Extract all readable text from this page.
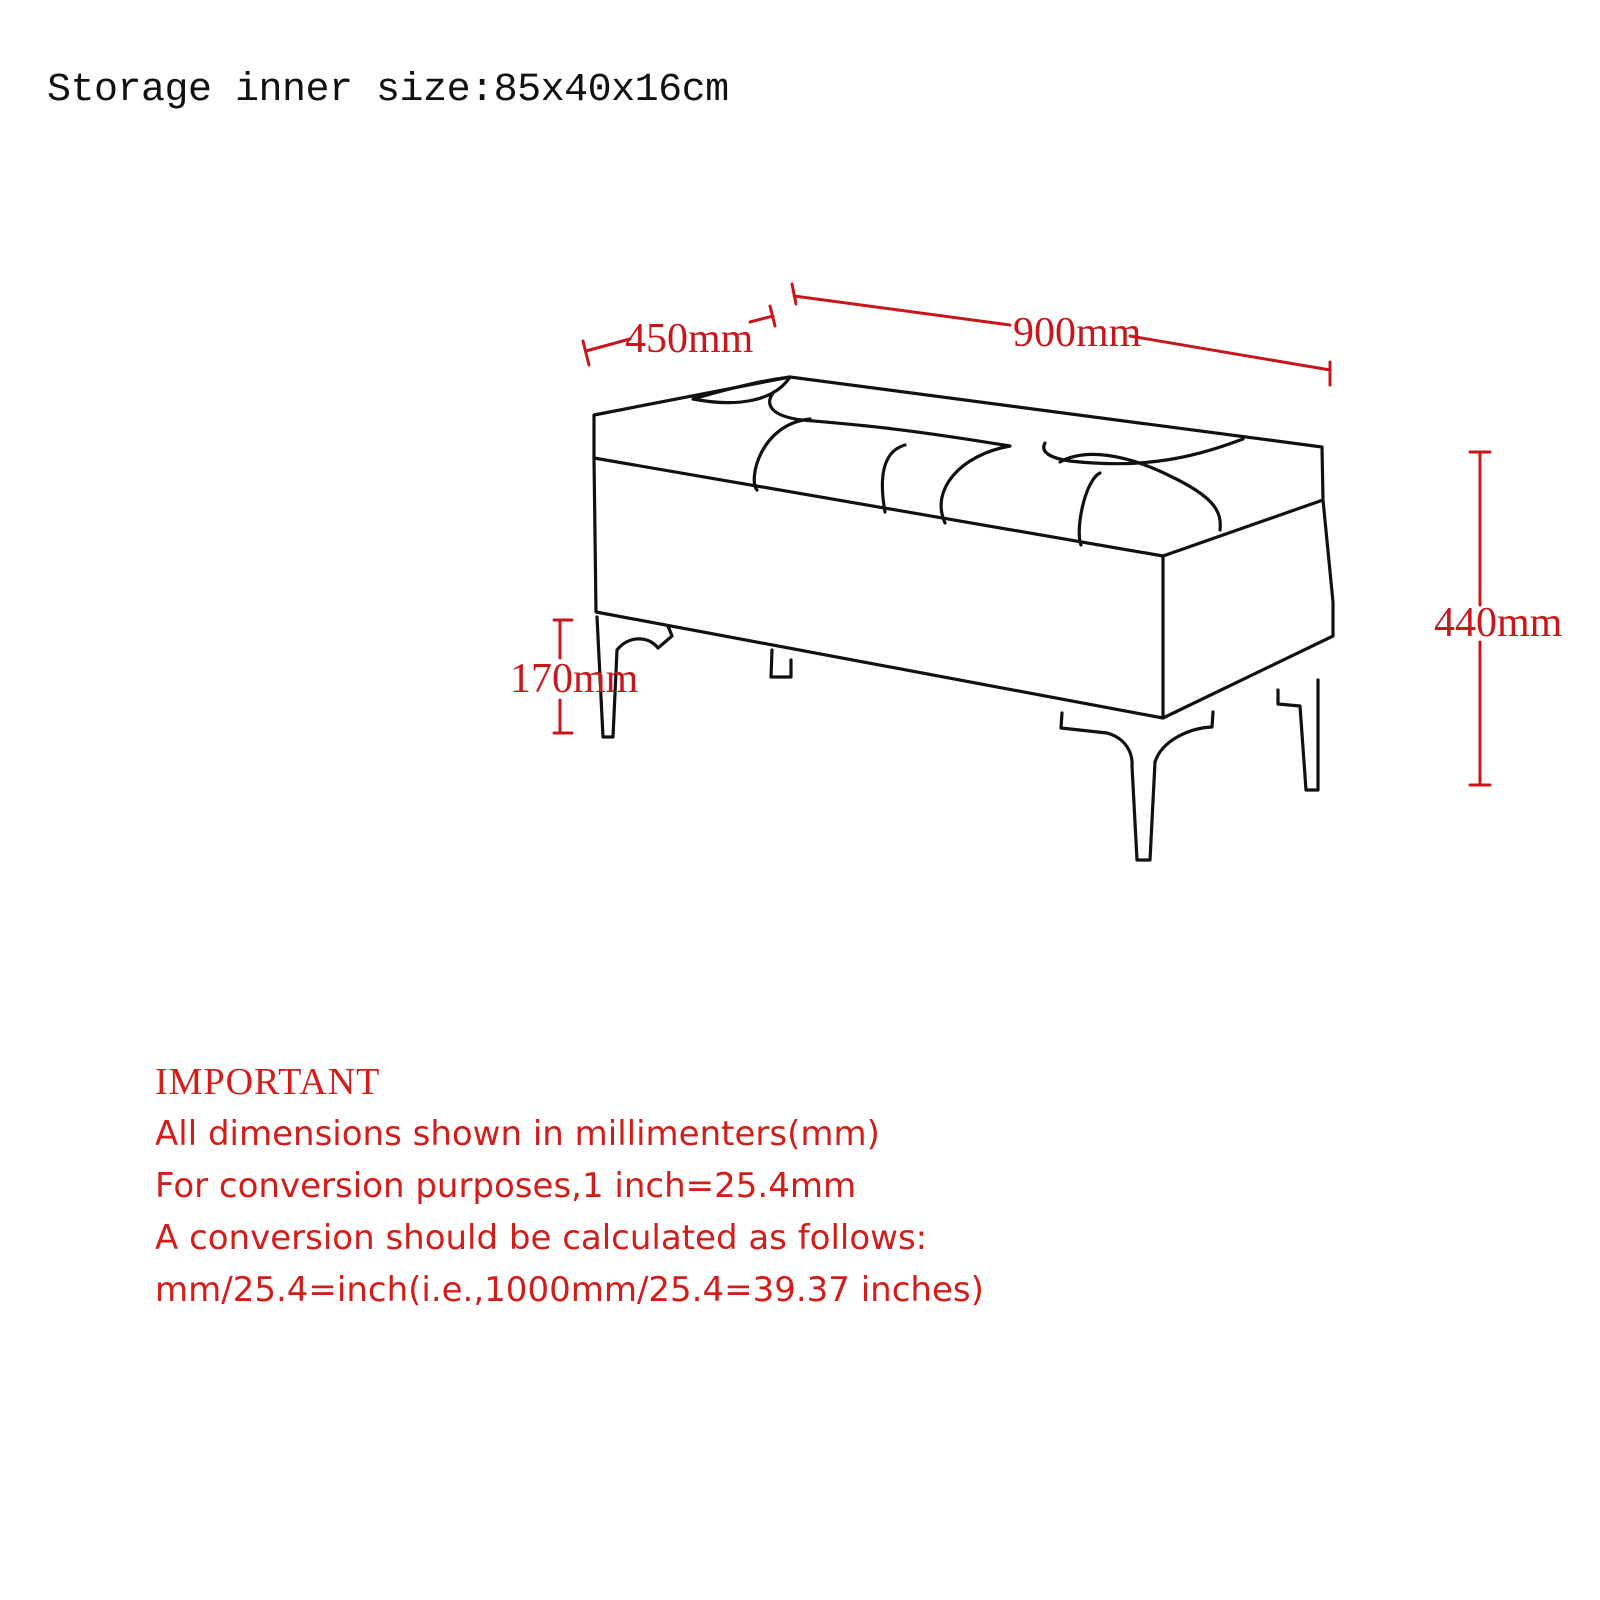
Storage inner size:85x40x16cm
450mm	900mm
440mm
170mm
IMPORTANT
All dimensions shown in millimenters(mm)
For conversion purposes,1 inch=25.4mm
A conversion should be calculated as follows:
mm/25.4=inch(i.e.,1000mm/25.4=39.37 inches)
